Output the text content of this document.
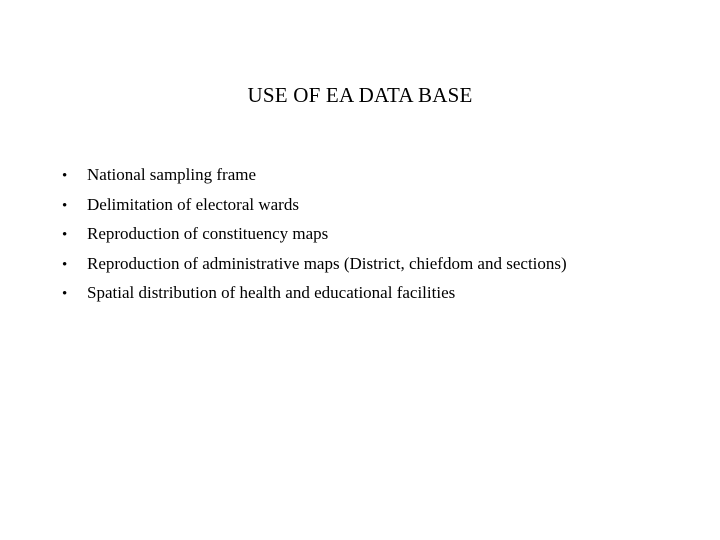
USE OF EA DATA BASE
•	National sampling frame
•	Delimitation of electoral wards
•	Reproduction of constituency maps
•	Reproduction of administrative maps (District, chiefdom and sections)
•	Spatial distribution of health and educational facilities
